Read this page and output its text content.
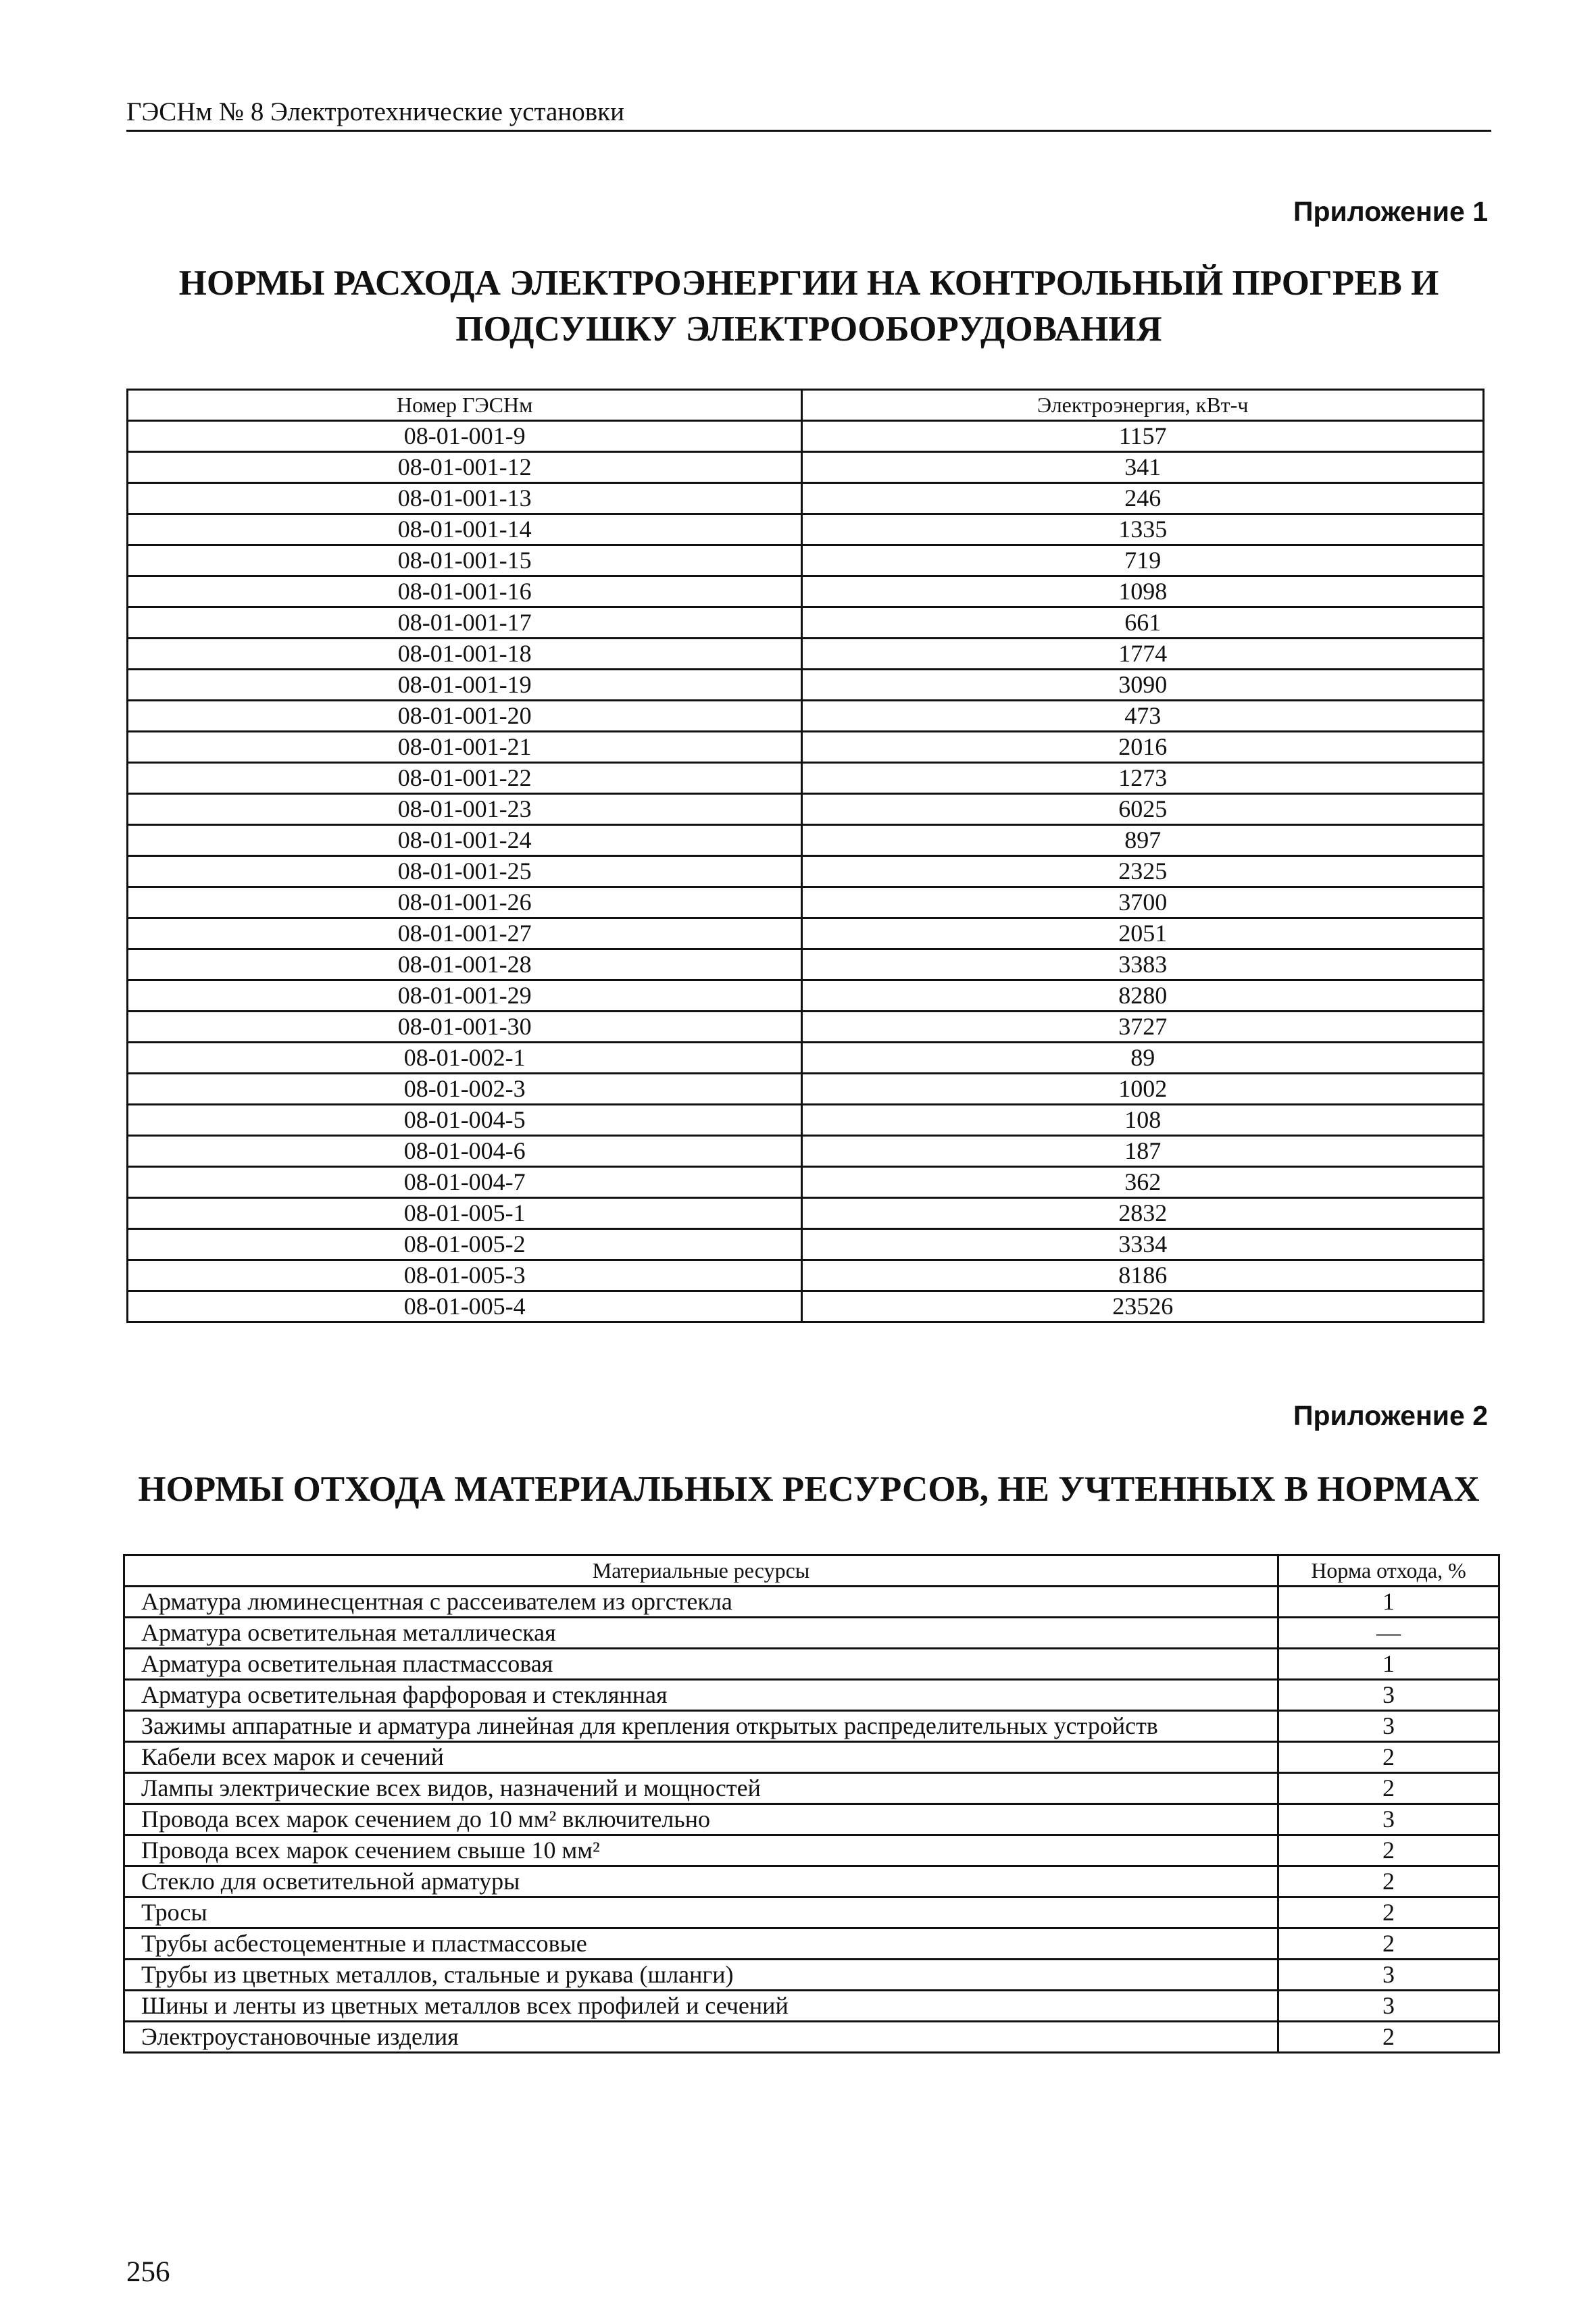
ГЭСНм № 8 Электротехнические установки
Приложение 1
НОРМЫ РАСХОДА ЭЛЕКТРОЭНЕРГИИ НА КОНТРОЛЬНЫЙ ПРОГРЕВ И
ПОДСУШКУ ЭЛЕКТРООБОРУДОВАНИЯ
Номер ГЭСНм	Электроэнергия, кВт-ч
08-01-001-9	1157
08-01-001-12	341
08-01-001-13	246
08-01-001-14	1335
08-01-001-15	719
08-01-001-16	1098
08-01-001-17	661
08-01-001-18	1774
08-01-001-19	3090
08-01-001-20	473
08-01-001-21	2016
08-01-001-22	1273
08-01-001-23	6025
08-01-001-24	897
08-01-001-25	2325
08-01-001-26	3700
08-01-001-27	2051
08-01-001-28	3383
08-01-001-29	8280
08-01-001-30	3727
08-01-002-1	89
08-01-002-3	1002
08-01-004-5	108
08-01-004-6	187
08-01-004-7	362
08-01-005-1	2832
08-01-005-2	3334
08-01-005-3	8186
08-01-005-4	23526
Приложение 2
НОРМЫ ОТХОДА МАТЕРИАЛЬНЫХ РЕСУРСОВ, НЕ УЧТЕННЫХ В НОРМАХ
Материальные ресурсы	Норма отхода, %
Арматура люминесцентная с рассеивателем из оргстекла	1
Арматура осветительная металлическая	—
Арматура осветительная пластмассовая	1
Арматура осветительная фарфоровая и стеклянная	3
Зажимы аппаратные и арматура линейная для крепления открытых распределительных устройств	3
Кабели всех марок и сечений	2
Лампы электрические всех видов, назначений и мощностей	2
Провода всех марок сечением до 10 мм² включительно	3
Провода всех марок сечением свыше 10 мм²	2
Стекло для осветительной арматуры	2
Тросы	2
Трубы асбестоцементные и пластмассовые	2
Трубы из цветных металлов, стальные и рукава (шланги)	3
Шины и ленты из цветных металлов всех профилей и сечений	3
Электроустановочные изделия	2
256
